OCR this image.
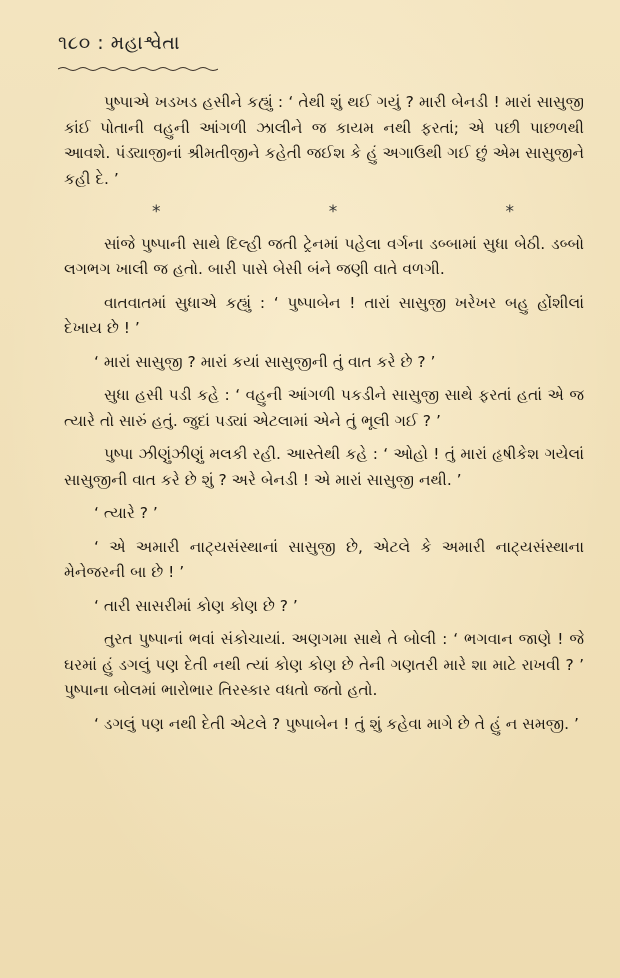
૧૮૦ : મહાશ્વેતા

પુષ્પાએ ખડખડ હસીને કહ્યું : ‘ તેથી શું થઈ ગયું ? મારી બેનડી ! મારાં સાસુજી કાંઈ પોતાની વહુની આંગળી ઝાલીને જ કાયમ નથી ફરતાં; એ પછી પાછળથી આવશે. પંડ્યાજીનાં શ્રીમતીજીને કહેતી જઈશ કે હું અગાઉથી ગઈ છું એમ સાસુજીને કહી દે. ’

*	*	*

સાંજે પુષ્પાની સાથે દિલ્હી જતી ટ્રેનમાં પહેલા વર્ગના ડબ્બામાં સુધા બેઠી. ડબ્બો લગભગ ખાલી જ હતો. બારી પાસે બેસી બંને જણી વાતે વળગી.

વાતવાતમાં સુધાએ કહ્યું : ‘ પુષ્પાબેન ! તારાં સાસુજી ખરેખર બહુ હોંશીલાં દેખાય છે ! ’

‘ મારાં સાસુજી ? મારાં કયાં સાસુજીની તું વાત કરે છે ? ’

સુધા હસી પડી કહે : ‘ વહુની આંગળી પકડીને સાસુજી સાથે ફરતાં હતાં એ જ ત્યારે તો સારું હતું. જુદાં પડ્યાં એટલામાં એને તું ભૂલી ગઈ ? ’

પુષ્પા ઝીણુંઝીણું મલકી રહી. આસ્તેથી કહે : ‘ ઓહો ! તું મારાં હૃષીકેશ ગયેલાં સાસુજીની વાત કરે છે શું ? અરે બેનડી ! એ મારાં સાસુજી નથી. ’

‘ ત્યારે ? ’

‘ એ અમારી નાટ્યસંસ્થાનાં સાસુજી છે, એટલે કે અમારી નાટ્યસંસ્થાના મેનેજરની બા છે ! ’

‘ તારી સાસરીમાં કોણ કોણ છે ? ’

તુરત પુષ્પાનાં ભવાં સંકોચાયાં. અણગમા સાથે તે બોલી : ‘ ભગવાન જાણે ! જે ઘરમાં હું ડગલું પણ દેતી નથી ત્યાં કોણ કોણ છે તેની ગણતરી મારે શા માટે રાખવી ? ’ પુષ્પાના બોલમાં ભારોભાર તિરસ્કાર વધતો જતો હતો.

‘ ડગલું પણ નથી દેતી એટલે ? પુષ્પાબેન ! તું શું કહેવા માગે છે તે હું ન સમજી. ’
